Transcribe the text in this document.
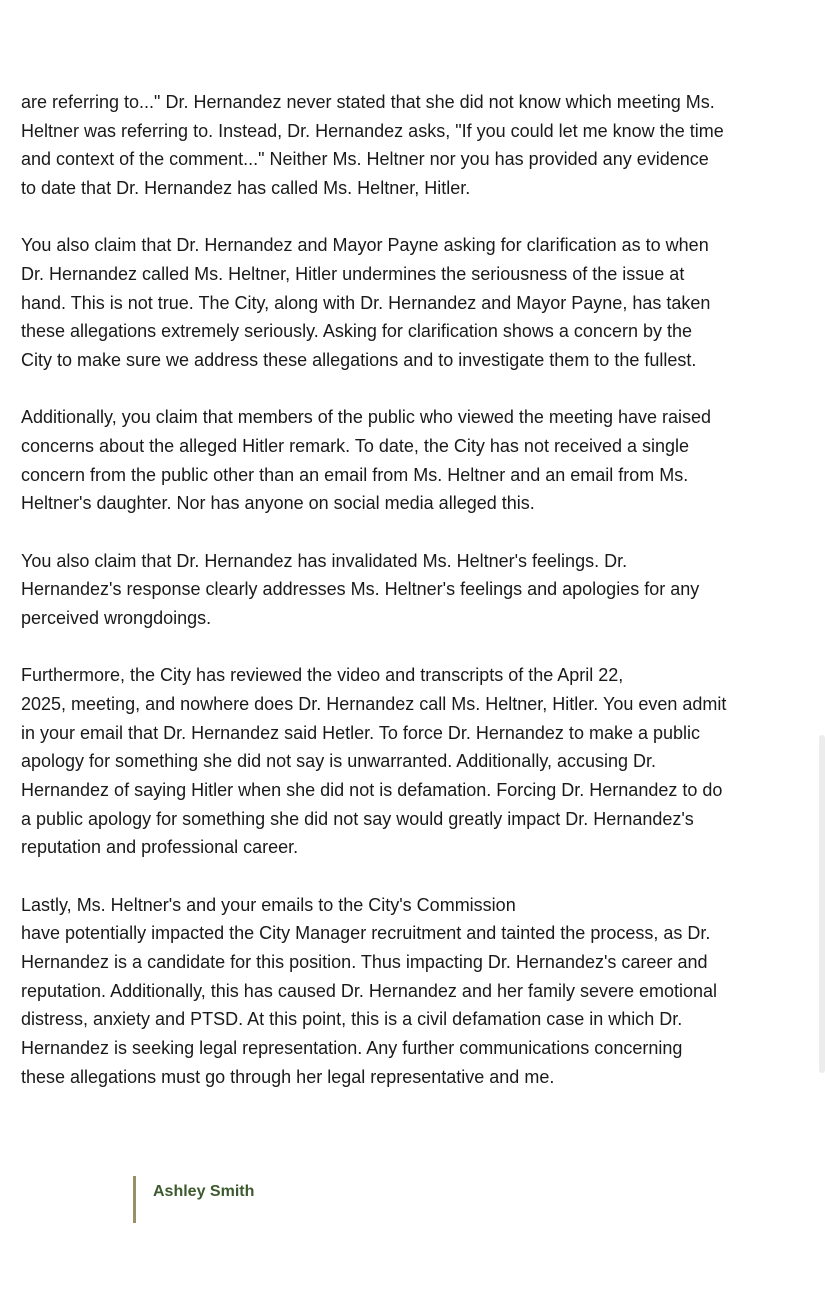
are referring to..." Dr. Hernandez never stated that she did not know which meeting Ms.
Heltner was referring to. Instead, Dr. Hernandez asks, "If you could let me know the time
and context of the comment..." Neither Ms. Heltner nor you has provided any evidence
to date that Dr. Hernandez has called Ms. Heltner, Hitler.

You also claim that Dr. Hernandez and Mayor Payne asking for clarification as to when
Dr. Hernandez called Ms. Heltner, Hitler undermines the seriousness of the issue at
hand. This is not true. The City, along with Dr. Hernandez and Mayor Payne, has taken
these allegations extremely seriously. Asking for clarification shows a concern by the
City to make sure we address these allegations and to investigate them to the fullest.

Additionally, you claim that members of the public who viewed the meeting have raised
concerns about the alleged Hitler remark. To date, the City has not received a single
concern from the public other than an email from Ms. Heltner and an email from Ms.
Heltner's daughter. Nor has anyone on social media alleged this.

You also claim that Dr. Hernandez has invalidated Ms. Heltner's feelings. Dr.
Hernandez's response clearly addresses Ms. Heltner's feelings and apologies for any
perceived wrongdoings.

Furthermore, the City has reviewed the video and transcripts of the April 22,
2025, meeting, and nowhere does Dr. Hernandez call Ms. Heltner, Hitler. You even admit
in your email that Dr. Hernandez said Hetler. To force Dr. Hernandez to make a public
apology for something she did not say is unwarranted. Additionally, accusing Dr.
Hernandez of saying Hitler when she did not is defamation. Forcing Dr. Hernandez to do
a public apology for something she did not say would greatly impact Dr. Hernandez's
reputation and professional career.

Lastly, Ms. Heltner's and your emails to the City's Commission
have potentially impacted the City Manager recruitment and tainted the process, as Dr.
Hernandez is a candidate for this position. Thus impacting Dr. Hernandez's career and
reputation. Additionally, this has caused Dr. Hernandez and her family severe emotional
distress, anxiety and PTSD. At this point, this is a civil defamation case in which Dr.
Hernandez is seeking legal representation. Any further communications concerning
these allegations must go through her legal representative and me.

Ashley Smith
